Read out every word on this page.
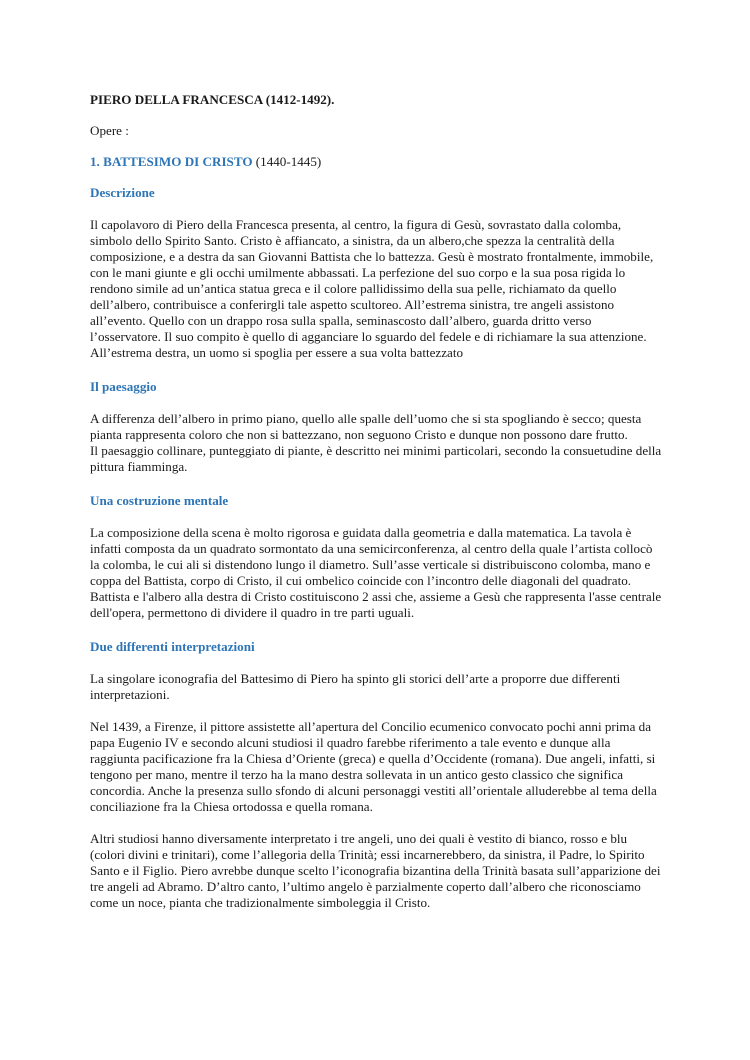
PIERO DELLA FRANCESCA (1412-1492).

Opere :

1. BATTESIMO DI CRISTO (1440-1445)

Descrizione

Il capolavoro di Piero della Francesca presenta, al centro, la figura di Gesù, sovrastato dalla colomba, simbolo dello Spirito Santo. Cristo è affiancato, a sinistra, da un albero,che spezza la centralità della composizione, e a destra da san Giovanni Battista che lo battezza. Gesù è mostrato frontalmente, immobile, con le mani giunte e gli occhi umilmente abbassati. La perfezione del suo corpo e la sua posa rigida lo rendono simile ad un’antica statua greca e il colore pallidissimo della sua pelle, richiamato da quello dell’albero, contribuisce a conferirgli tale aspetto scultoreo. All’estrema sinistra, tre angeli assistono all’evento. Quello con un drappo rosa sulla spalla, seminascosto dall’albero, guarda dritto verso l’osservatore. Il suo compito è quello di agganciare lo sguardo del fedele e di richiamare la sua attenzione.

All’estrema destra, un uomo si spoglia per essere a sua volta battezzato

Il paesaggio

A differenza dell’albero in primo piano, quello alle spalle dell’uomo che si sta spogliando è secco; questa pianta rappresenta coloro che non si battezzano, non seguono Cristo e dunque non possono dare frutto.

Il paesaggio collinare, punteggiato di piante, è descritto nei minimi particolari, secondo la consuetudine della pittura fiamminga.

Una costruzione mentale

La composizione della scena è molto rigorosa e guidata dalla geometria e dalla matematica. La tavola è infatti composta da un quadrato sormontato da una semicirconferenza, al centro della quale l’artista collocò la colomba, le cui ali si distendono lungo il diametro. Sull’asse verticale si distribuiscono colomba, mano e coppa del Battista, corpo di Cristo, il cui ombelico coincide con l’incontro delle diagonali del quadrato. Battista e l'albero alla destra di Cristo costituiscono 2 assi che, assieme a Gesù che rappresenta l'asse centrale dell'opera, permettono di dividere il quadro in tre parti uguali.

Due differenti interpretazioni

La singolare iconografia del Battesimo di Piero ha spinto gli storici dell’arte a proporre due differenti interpretazioni.

Nel 1439, a Firenze, il pittore assistette all’apertura del Concilio ecumenico convocato pochi anni prima da papa Eugenio IV e secondo alcuni studiosi il quadro farebbe riferimento a tale evento e dunque alla raggiunta pacificazione fra la Chiesa d’Oriente (greca) e quella d’Occidente (romana). Due angeli, infatti, si tengono per mano, mentre il terzo ha la mano destra sollevata in un antico gesto classico che significa concordia. Anche la presenza sullo sfondo di alcuni personaggi vestiti all’orientale alluderebbe al tema della conciliazione fra la Chiesa ortodossa e quella romana.

Altri studiosi hanno diversamente interpretato i tre angeli, uno dei quali è vestito di bianco, rosso e blu (colori divini e trinitari), come l’allegoria della Trinità; essi incarnerebbero, da sinistra, il Padre, lo Spirito Santo e il Figlio. Piero avrebbe dunque scelto l’iconografia bizantina della Trinità basata sull’apparizione dei tre angeli ad Abramo. D’altro canto, l’ultimo angelo è parzialmente coperto dall’albero che riconosciamo come un noce, pianta che tradizionalmente simboleggia il Cristo.
